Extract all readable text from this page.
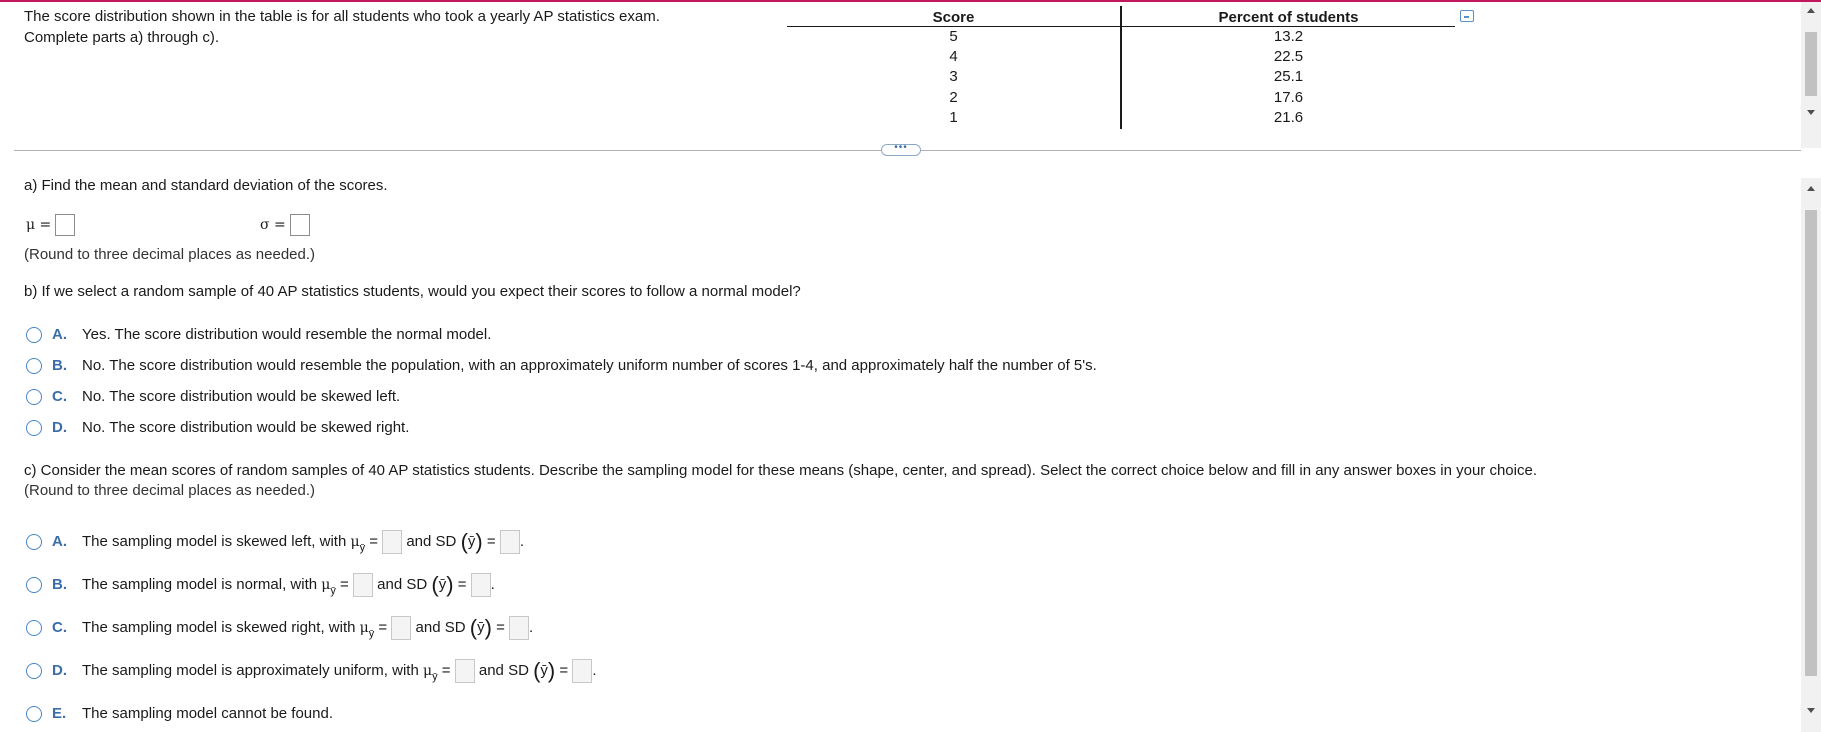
The score distribution shown in the table is for all students who took a yearly AP statistics exam.
Complete parts a) through c).
Score	Percent of students
5	13.2
4	22.5
3	25.1
2	17.6
1	21.6
•••
a) Find the mean and standard deviation of the scores.
μ =	σ =
(Round to three decimal places as needed.)
b) If we select a random sample of 40 AP statistics students, would you expect their scores to follow a normal model?
A. Yes. The score distribution would resemble the normal model.
B. No. The score distribution would resemble the population, with an approximately uniform number of scores 1-4, and approximately half the number of 5's.
C. No. The score distribution would be skewed left.
D. No. The score distribution would be skewed right.
c) Consider the mean scores of random samples of 40 AP statistics students. Describe the sampling model for these means (shape, center, and spread). Select the correct choice below and fill in any answer boxes in your choice.
(Round to three decimal places as needed.)
A. The sampling model is skewed left, with $\mu_ȳ$ = and SD (ȳ) = .
B. The sampling model is normal, with $\mu_ȳ$ = and SD (ȳ) = .
C. The sampling model is skewed right, with $\mu_ȳ$ = and SD (ȳ) = .
D. The sampling model is approximately uniform, with $\mu_ȳ$ = and SD (ȳ) = .
E. The sampling model cannot be found.
